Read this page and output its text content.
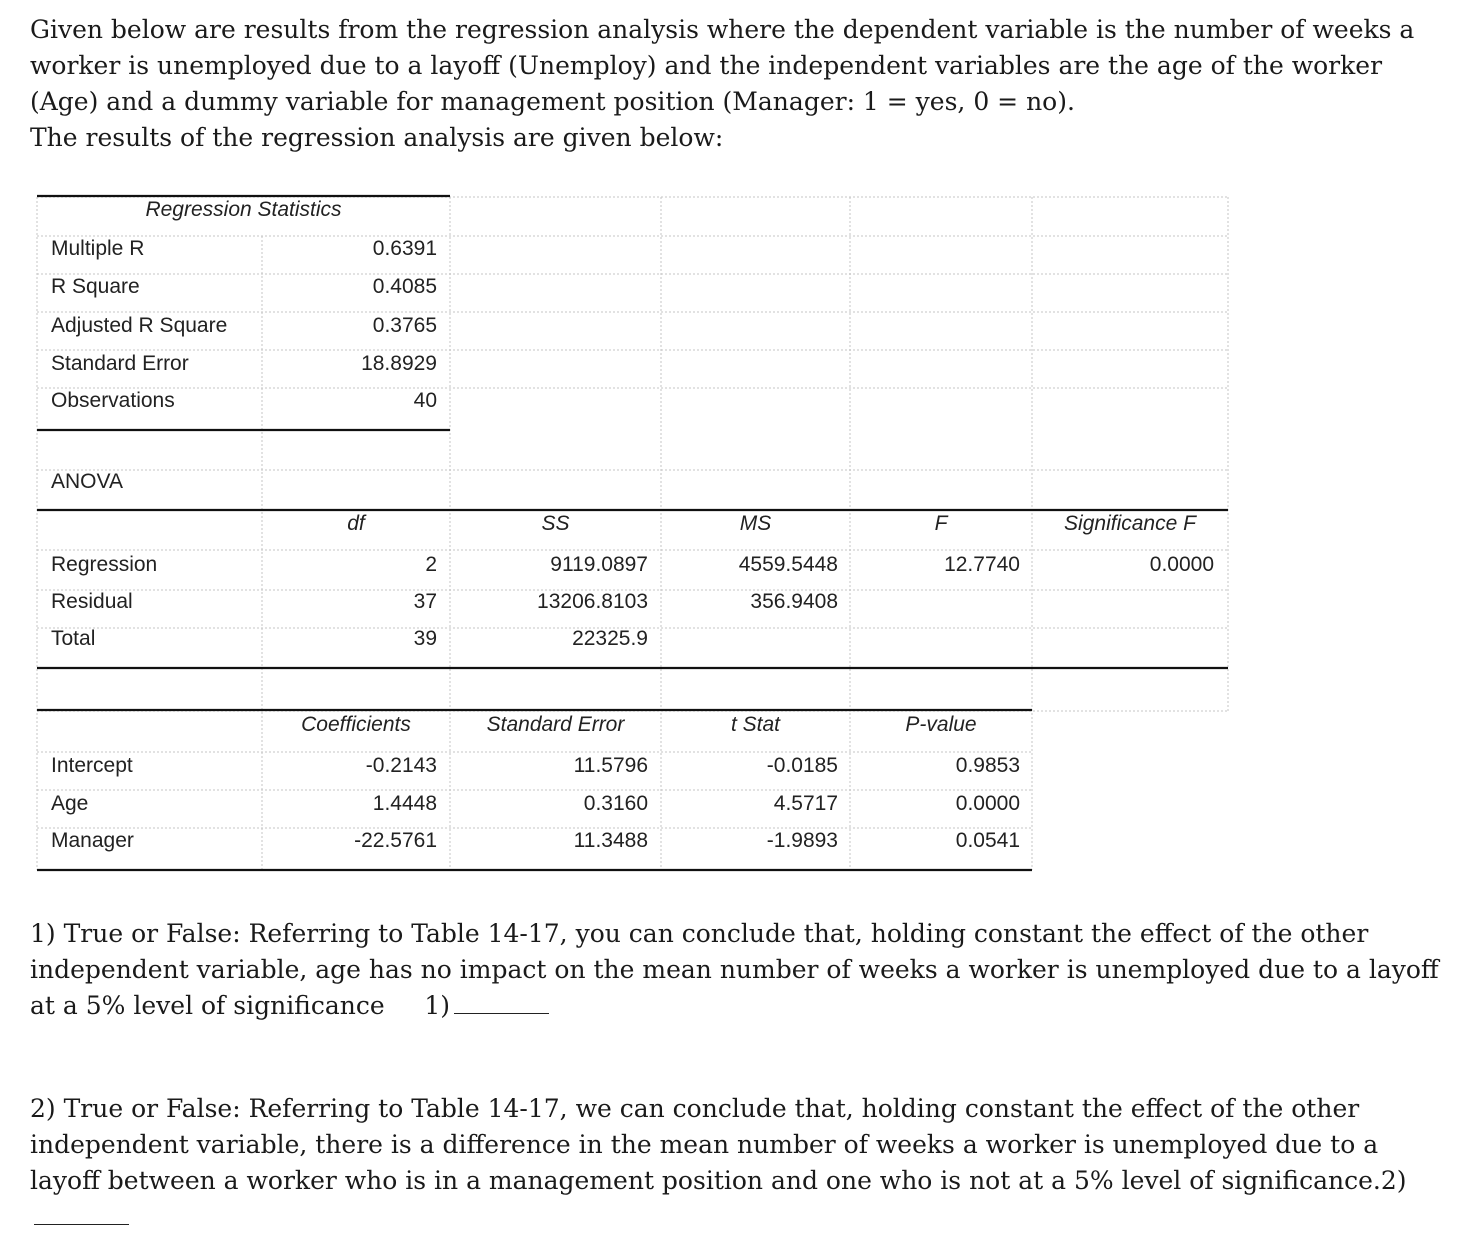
Given below are results from the regression analysis where the dependent variable is the number of weeks a worker is unemployed due to a layoff (Unemploy) and the independent variables are the age of the worker (Age) and a dummy variable for management position (Manager: 1 = yes, 0 = no).

The results of the regression analysis are given below:

Regression Statistics
Multiple R	0.6391
R Square	0.4085
Adjusted R Square	0.3765
Standard Error	18.8929
Observations	40
ANOVA
df	SS	MS	F	Significance F
Regression	2	9119.0897	4559.5448	12.7740	0.0000
Residual	37	13206.8103	356.9408
Total	39	22325.9
Coefficients	Standard Error	t Stat	P-value
Intercept	-0.2143	11.5796	-0.0185	0.9853
Age	1.4448	0.3160	4.5717	0.0000
Manager	-22.5761	11.3488	-1.9893	0.0541
1) True or False: Referring to Table 14-17, you can conclude that, holding constant the effect of the other independent variable, age has no impact on the mean number of weeks a worker is unemployed due to a layoff at a 5% level of significance 1)
2) True or False: Referring to Table 14-17, we can conclude that, holding constant the effect of the other independent variable, there is a difference in the mean number of weeks a worker is unemployed due to a layoff between a worker who is in a management position and one who is not at a 5% level of significance.2)
